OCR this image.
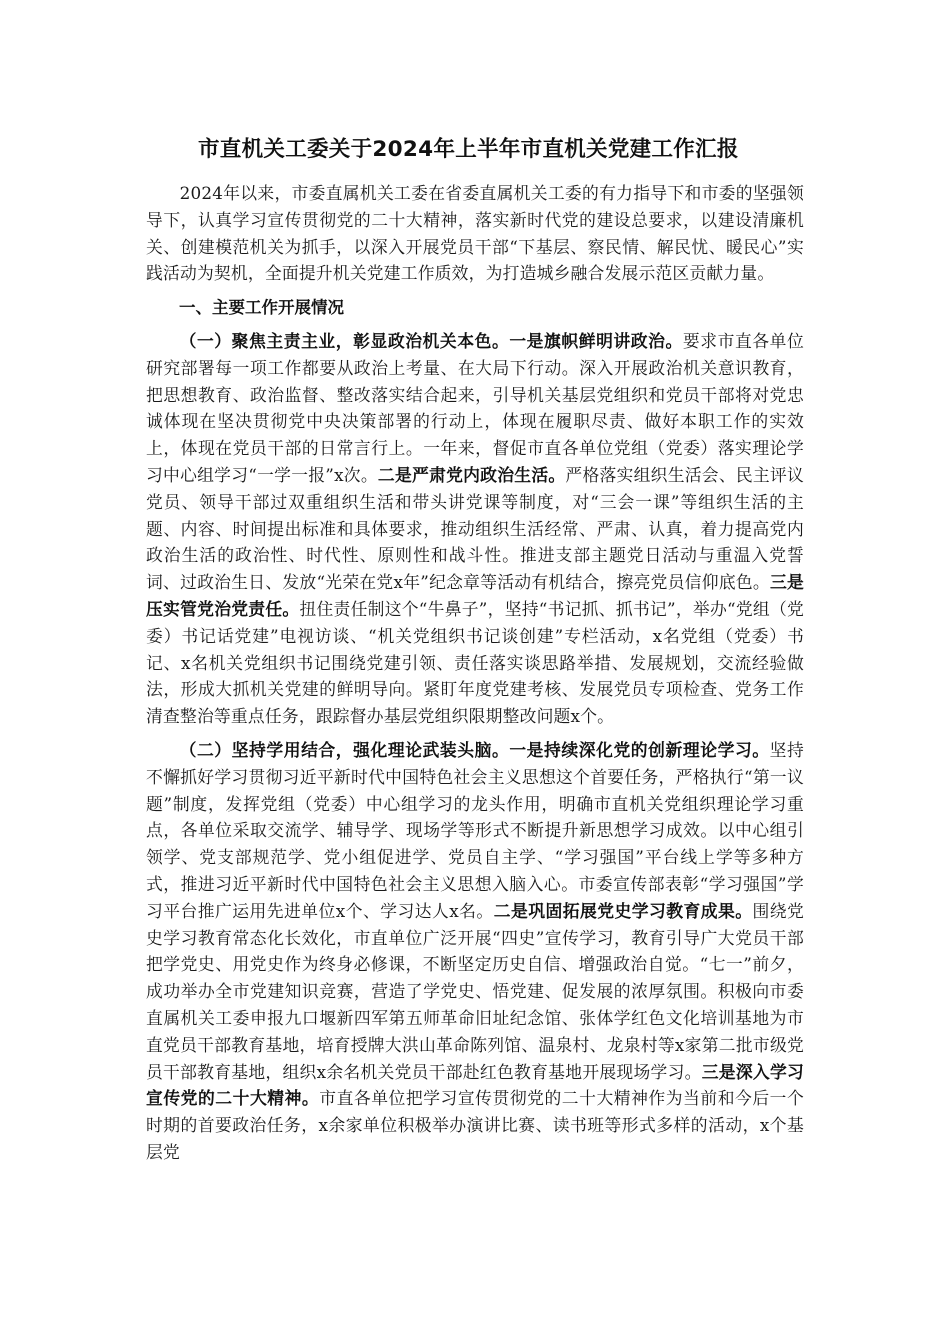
市直机关工委关于2024年上半年市直机关党建工作汇报

2024年以来，市委直属机关工委在省委直属机关工委的有力指导下和市委的坚强领导下，认真学习宣传贯彻党的二十大精神，落实新时代党的建设总要求，以建设清廉机关、创建模范机关为抓手，以深入开展党员干部“下基层、察民情、解民忧、暖民心”实践活动为契机，全面提升机关党建工作质效，为打造城乡融合发展示范区贡献力量。

一、主要工作开展情况

（一）聚焦主责主业，彰显政治机关本色。一是旗帜鲜明讲政治。要求市直各单位研究部署每一项工作都要从政治上考量、在大局下行动。深入开展政治机关意识教育，把思想教育、政治监督、整改落实结合起来，引导机关基层党组织和党员干部将对党忠诚体现在坚决贯彻党中央决策部署的行动上，体现在履职尽责、做好本职工作的实效上，体现在党员干部的日常言行上。一年来，督促市直各单位党组（党委）落实理论学习中心组学习“一学一报”x次。二是严肃党内政治生活。严格落实组织生活会、民主评议党员、领导干部过双重组织生活和带头讲党课等制度，对“三会一课”等组织生活的主题、内容、时间提出标准和具体要求，推动组织生活经常、严肃、认真，着力提高党内政治生活的政治性、时代性、原则性和战斗性。推进支部主题党日活动与重温入党誓词、过政治生日、发放“光荣在党x年”纪念章等活动有机结合，擦亮党员信仰底色。三是压实管党治党责任。扭住责任制这个“牛鼻子”，坚持“书记抓、抓书记”，举办“党组（党委）书记话党建”电视访谈、“机关党组织书记谈创建”专栏活动，x名党组（党委）书记、x名机关党组织书记围绕党建引领、责任落实谈思路举措、发展规划，交流经验做法，形成大抓机关党建的鲜明导向。紧盯年度党建考核、发展党员专项检查、党务工作清查整治等重点任务，跟踪督办基层党组织限期整改问题x个。

（二）坚持学用结合，强化理论武装头脑。一是持续深化党的创新理论学习。坚持不懈抓好学习贯彻习近平新时代中国特色社会主义思想这个首要任务，严格执行“第一议题”制度，发挥党组（党委）中心组学习的龙头作用，明确市直机关党组织理论学习重点，各单位采取交流学、辅导学、现场学等形式不断提升新思想学习成效。以中心组引领学、党支部规范学、党小组促进学、党员自主学、“学习强国”平台线上学等多种方式，推进习近平新时代中国特色社会主义思想入脑入心。市委宣传部表彰“学习强国”学习平台推广运用先进单位x个、学习达人x名。二是巩固拓展党史学习教育成果。围绕党史学习教育常态化长效化，市直单位广泛开展“四史”宣传学习，教育引导广大党员干部把学党史、用党史作为终身必修课，不断坚定历史自信、增强政治自觉。“七一”前夕，成功举办全市党建知识竞赛，营造了学党史、悟党建、促发展的浓厚氛围。积极向市委直属机关工委申报九口堰新四军第五师革命旧址纪念馆、张体学红色文化培训基地为市直党员干部教育基地，培育授牌大洪山革命陈列馆、温泉村、龙泉村等x家第二批市级党员干部教育基地，组织x余名机关党员干部赴红色教育基地开展现场学习。三是深入学习宣传党的二十大精神。市直各单位把学习宣传贯彻党的二十大精神作为当前和今后一个时期的首要政治任务，x余家单位积极举办演讲比赛、读书班等形式多样的活动，x个基层党
